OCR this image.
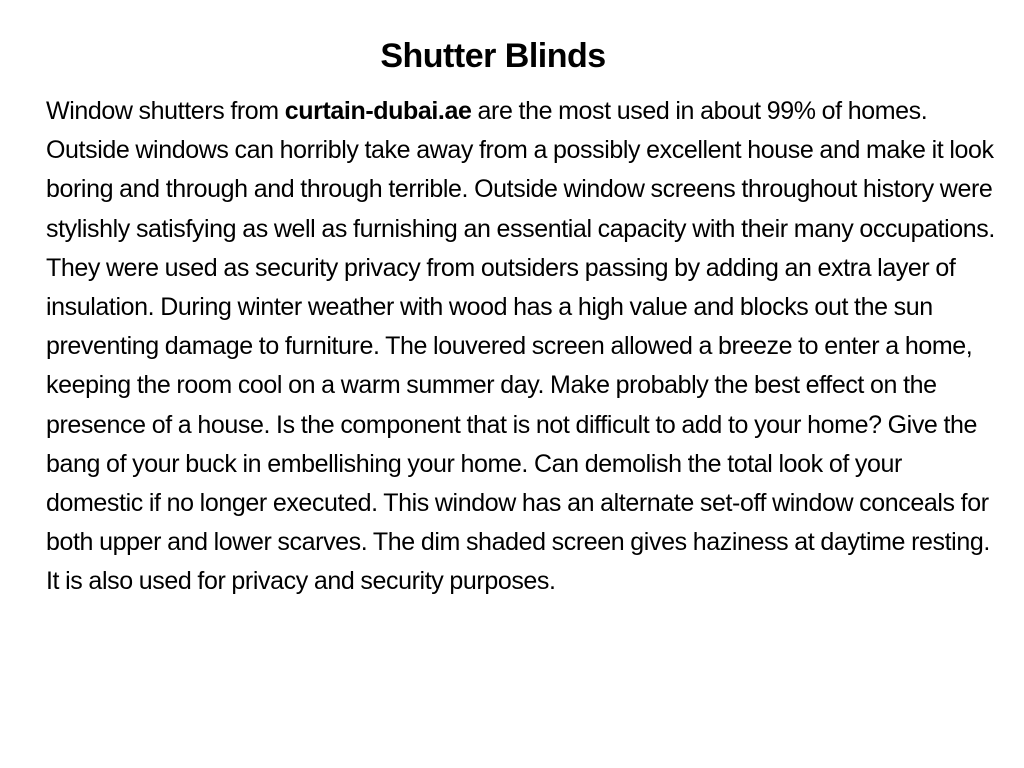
Shutter Blinds

Window shutters from curtain-dubai.ae are the most used in about 99% of homes. Outside windows can horribly take away from a possibly excellent house and make it look boring and through and through terrible. Outside window screens throughout history were stylishly satisfying as well as furnishing an essential capacity with their many occupations. They were used as security privacy from outsiders passing by adding an extra layer of insulation. During winter weather with wood has a high value and blocks out the sun preventing damage to furniture. The louvered screen allowed a breeze to enter a home, keeping the room cool on a warm summer day. Make probably the best effect on the presence of a house. Is the component that is not difficult to add to your home? Give the bang of your buck in embellishing your home. Can demolish the total look of your domestic if no longer executed. This window has an alternate set-off window conceals for both upper and lower scarves. The dim shaded screen gives haziness at daytime resting. It is also used for privacy and security purposes.
